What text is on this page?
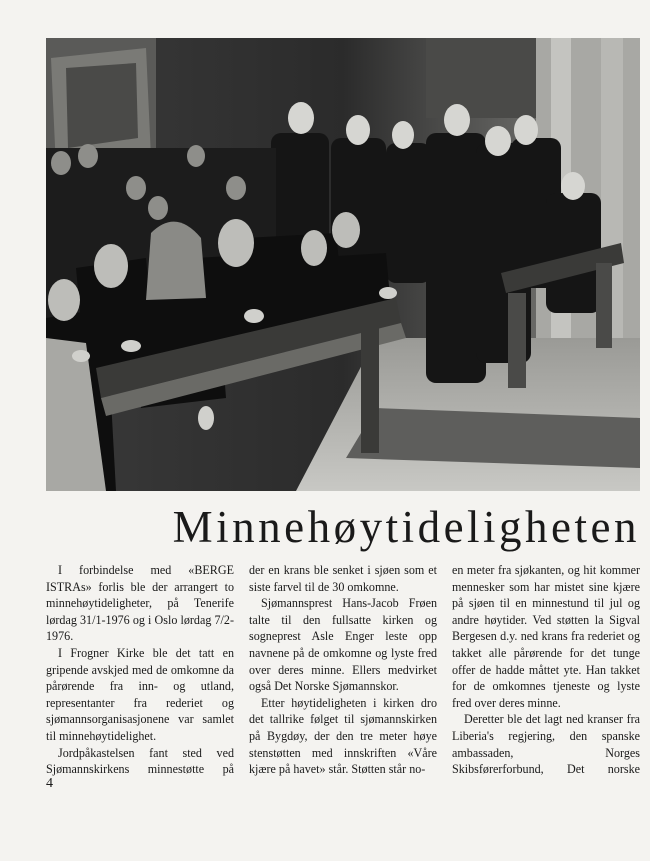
Minnehøytideligheten

I forbindelse med «BERGE ISTRAs» forlis ble der arrangert to minnehøytideligheter, på Tenerife lørdag 31/1-1976 og i Oslo lørdag 7/2-1976.

I Frogner Kirke ble det tatt en gripende avskjed med de omkomne da pårørende fra inn- og utland, representanter fra rederiet og sjømannsorganisasjonene var samlet til minnehøytidelighet.

Jordpåkastelsen fant sted ved Sjømannskirkens minnestøtte på

der en krans ble senket i sjøen som et siste farvel til de 30 omkomne.

Sjømannsprest Hans-Jacob Frøen talte til den fullsatte kirken og sogneprest Asle Enger leste opp navnene på de omkomne og lyste fred over deres minne. Ellers medvirket også Det Norske Sjømannskor.

Etter høytideligheten i kirken dro det tallrike følget til sjømannskirken på Bygdøy, der den tre meter høye stenstøtten med innskriften «Våre kjære på havet» står. Støtten står no-

en meter fra sjøkanten, og hit kommer mennesker som har mistet sine kjære på sjøen til en minnestund til jul og andre høytider. Ved støtten la Sigval Bergesen d.y. ned krans fra rederiet og takket alle pårørende for det tunge offer de hadde måttet yte. Han takket for de omkomnes tjeneste og lyste fred over deres minne.

Deretter ble det lagt ned kranser fra Liberia's regjering, den spanske ambassaden, Norges Skibsførerforbund, Det norske

4
